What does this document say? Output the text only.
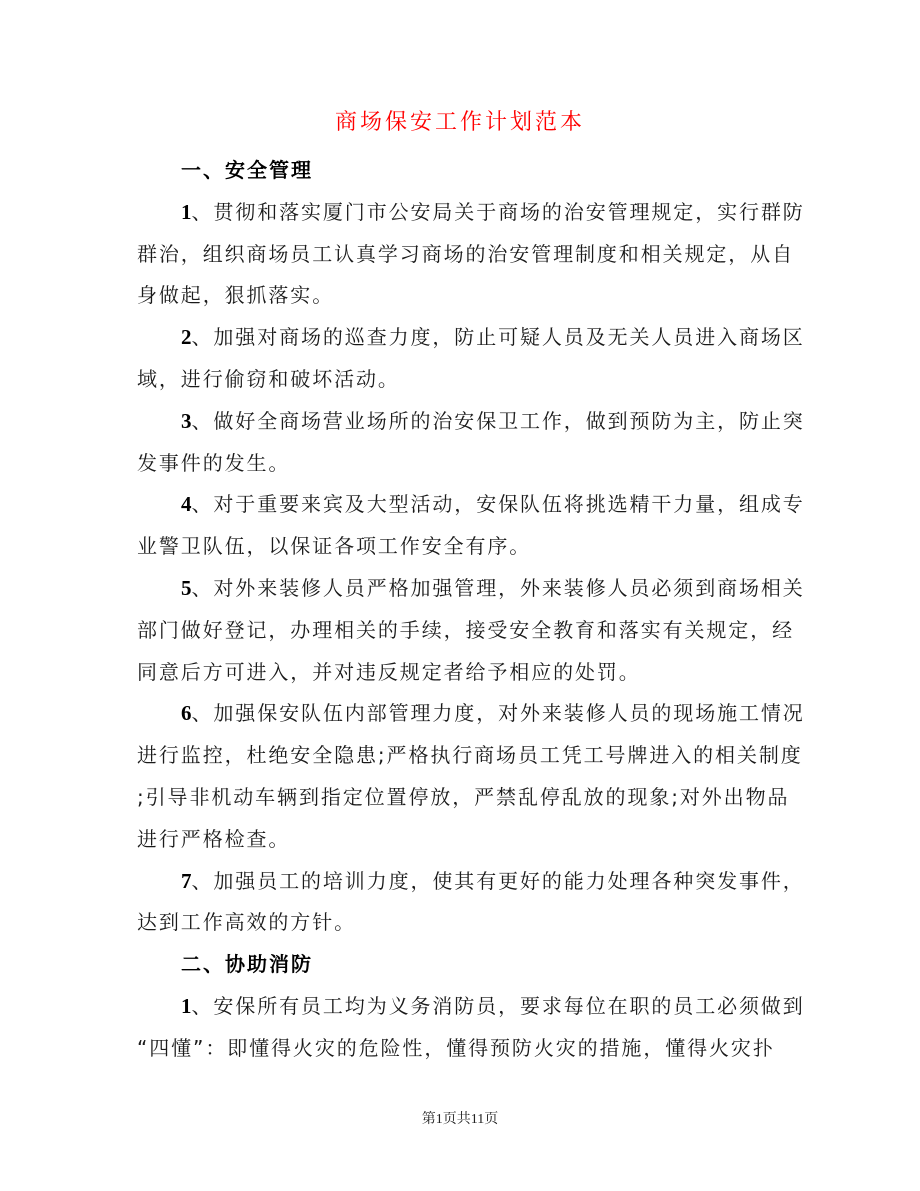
商场保安工作计划范本
一、安全管理
1、贯彻和落实厦门市公安局关于商场的治安管理规定，实行群防
群治，组织商场员工认真学习商场的治安管理制度和相关规定，从自
身做起，狠抓落实。
2、加强对商场的巡查力度，防止可疑人员及无关人员进入商场区
域，进行偷窃和破坏活动。
3、做好全商场营业场所的治安保卫工作，做到预防为主，防止突
发事件的发生。
4、对于重要来宾及大型活动，安保队伍将挑选精干力量，组成专
业警卫队伍，以保证各项工作安全有序。
5、对外来装修人员严格加强管理，外来装修人员必须到商场相关
部门做好登记，办理相关的手续，接受安全教育和落实有关规定，经
同意后方可进入，并对违反规定者给予相应的处罚。
6、加强保安队伍内部管理力度，对外来装修人员的现场施工情况
进行监控，杜绝安全隐患;严格执行商场员工凭工号牌进入的相关制度
;引导非机动车辆到指定位置停放，严禁乱停乱放的现象;对外出物品
进行严格检查。
7、加强员工的培训力度，使其有更好的能力处理各种突发事件，
达到工作高效的方针。
二、协助消防
1、安保所有员工均为义务消防员，要求每位在职的员工必须做到
“四懂”：即懂得火灾的危险性，懂得预防火灾的措施，懂得火灾扑
第1页共11页
